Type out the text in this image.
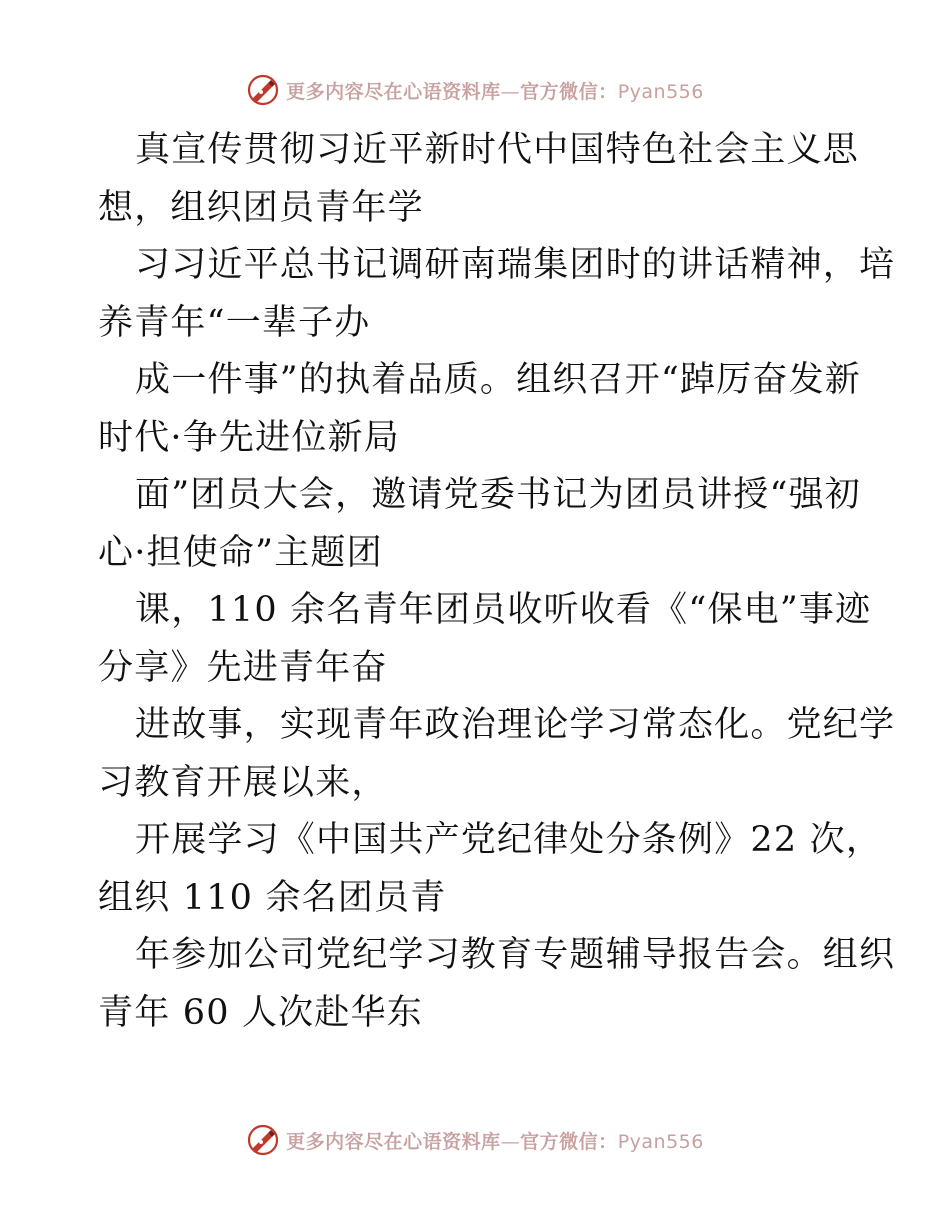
更多内容尽在心语资料库—官方微信：Pyan556
真宣传贯彻习近平新时代中国特色社会主义思
想，组织团员青年学
习习近平总书记调研南瑞集团时的讲话精神，培
养青年“一辈子办
成一件事”的执着品质。组织召开“踔厉奋发新
时代·争先进位新局
面”团员大会，邀请党委书记为团员讲授“强初
心·担使命”主题团
课，110 余名青年团员收听收看《“保电”事迹
分享》先进青年奋
进故事，实现青年政治理论学习常态化。党纪学
习教育开展以来，
开展学习《中国共产党纪律处分条例》22 次，
组织 110 余名团员青
年参加公司党纪学习教育专题辅导报告会。组织
青年 60 人次赴华东
更多内容尽在心语资料库—官方微信：Pyan556
